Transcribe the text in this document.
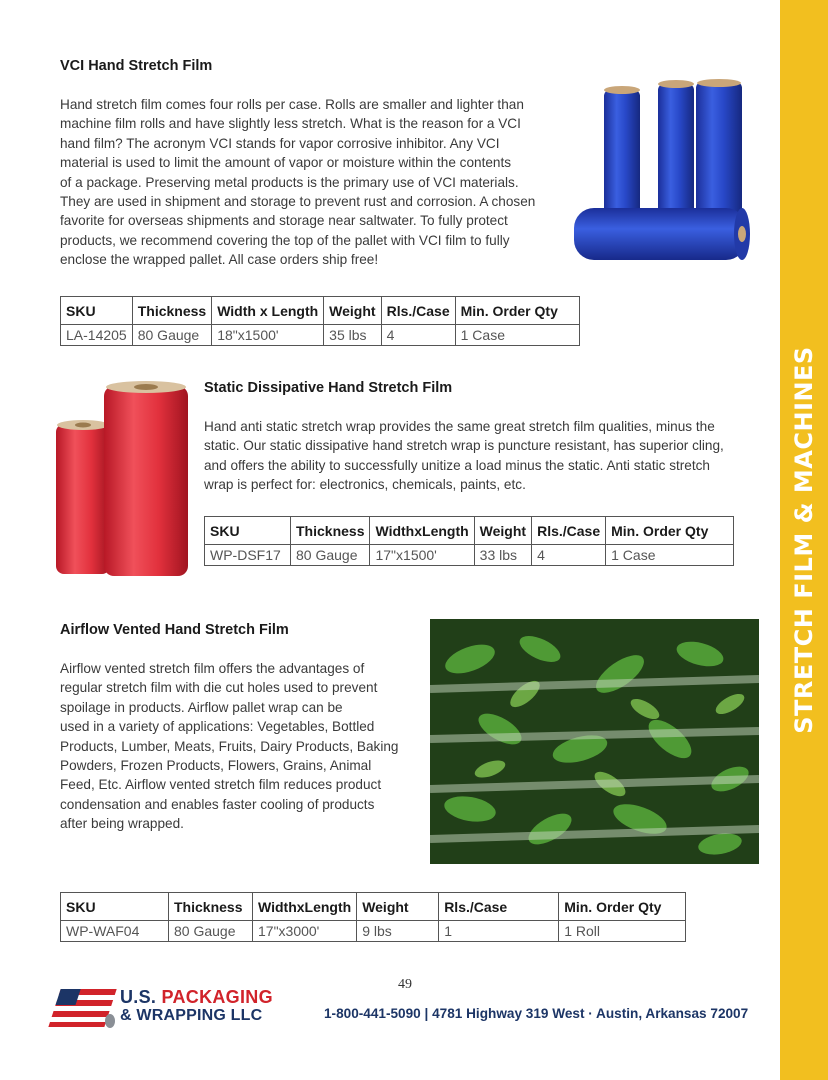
STRETCH FILM & MACHINES
VCI Hand Stretch Film
Hand stretch film comes four rolls per case. Rolls are smaller and lighter than
machine film rolls and have slightly less stretch. What is the reason for a VCI
hand film? The acronym VCI stands for vapor corrosive inhibitor. Any VCI
material is used to limit the amount of vapor or moisture within the contents
of a package. Preserving metal products is the primary use of VCI materials.
They are used in shipment and storage to prevent rust and corrosion. A chosen
favorite for overseas shipments and storage near saltwater. To fully protect
products, we recommend covering the top of the pallet with VCI film to fully
enclose the wrapped pallet. All case orders ship free!
SKU	Thickness	Width x Length	Weight	Rls./Case	Min. Order Qty
LA-14205	80 Gauge	18"x1500'	35 lbs	4	1 Case
Static Dissipative Hand Stretch Film
Hand anti static stretch wrap provides the same great stretch film qualities, minus the
static. Our static dissipative hand stretch wrap is puncture resistant, has superior cling,
and offers the ability to successfully unitize a load minus the static. Anti static stretch
wrap is perfect for: electronics, chemicals, paints, etc.
SKU	Thickness	WidthxLength	Weight	Rls./Case	Min. Order Qty
WP-DSF17	80 Gauge	17"x1500'	33 lbs	4	1 Case
Airflow Vented Hand Stretch Film
Airflow vented stretch film offers the advantages of
regular stretch film with die cut holes used to prevent
spoilage in products. Airflow pallet wrap can be
used in a variety of applications: Vegetables, Bottled
Products, Lumber, Meats, Fruits, Dairy Products, Baking
Powders, Frozen Products, Flowers, Grains, Animal
Feed, Etc. Airflow vented stretch film reduces product
condensation and enables faster cooling of products
after being wrapped.
SKU	Thickness	WidthxLength	Weight	Rls./Case	Min. Order Qty
WP-WAF04	80 Gauge	17"x3000'	9 lbs	1	1 Roll
49
U.S. PACKAGING
& WRAPPING LLC	1-800-441-5090 | 4781 Highway 319 West · Austin, Arkansas 72007
